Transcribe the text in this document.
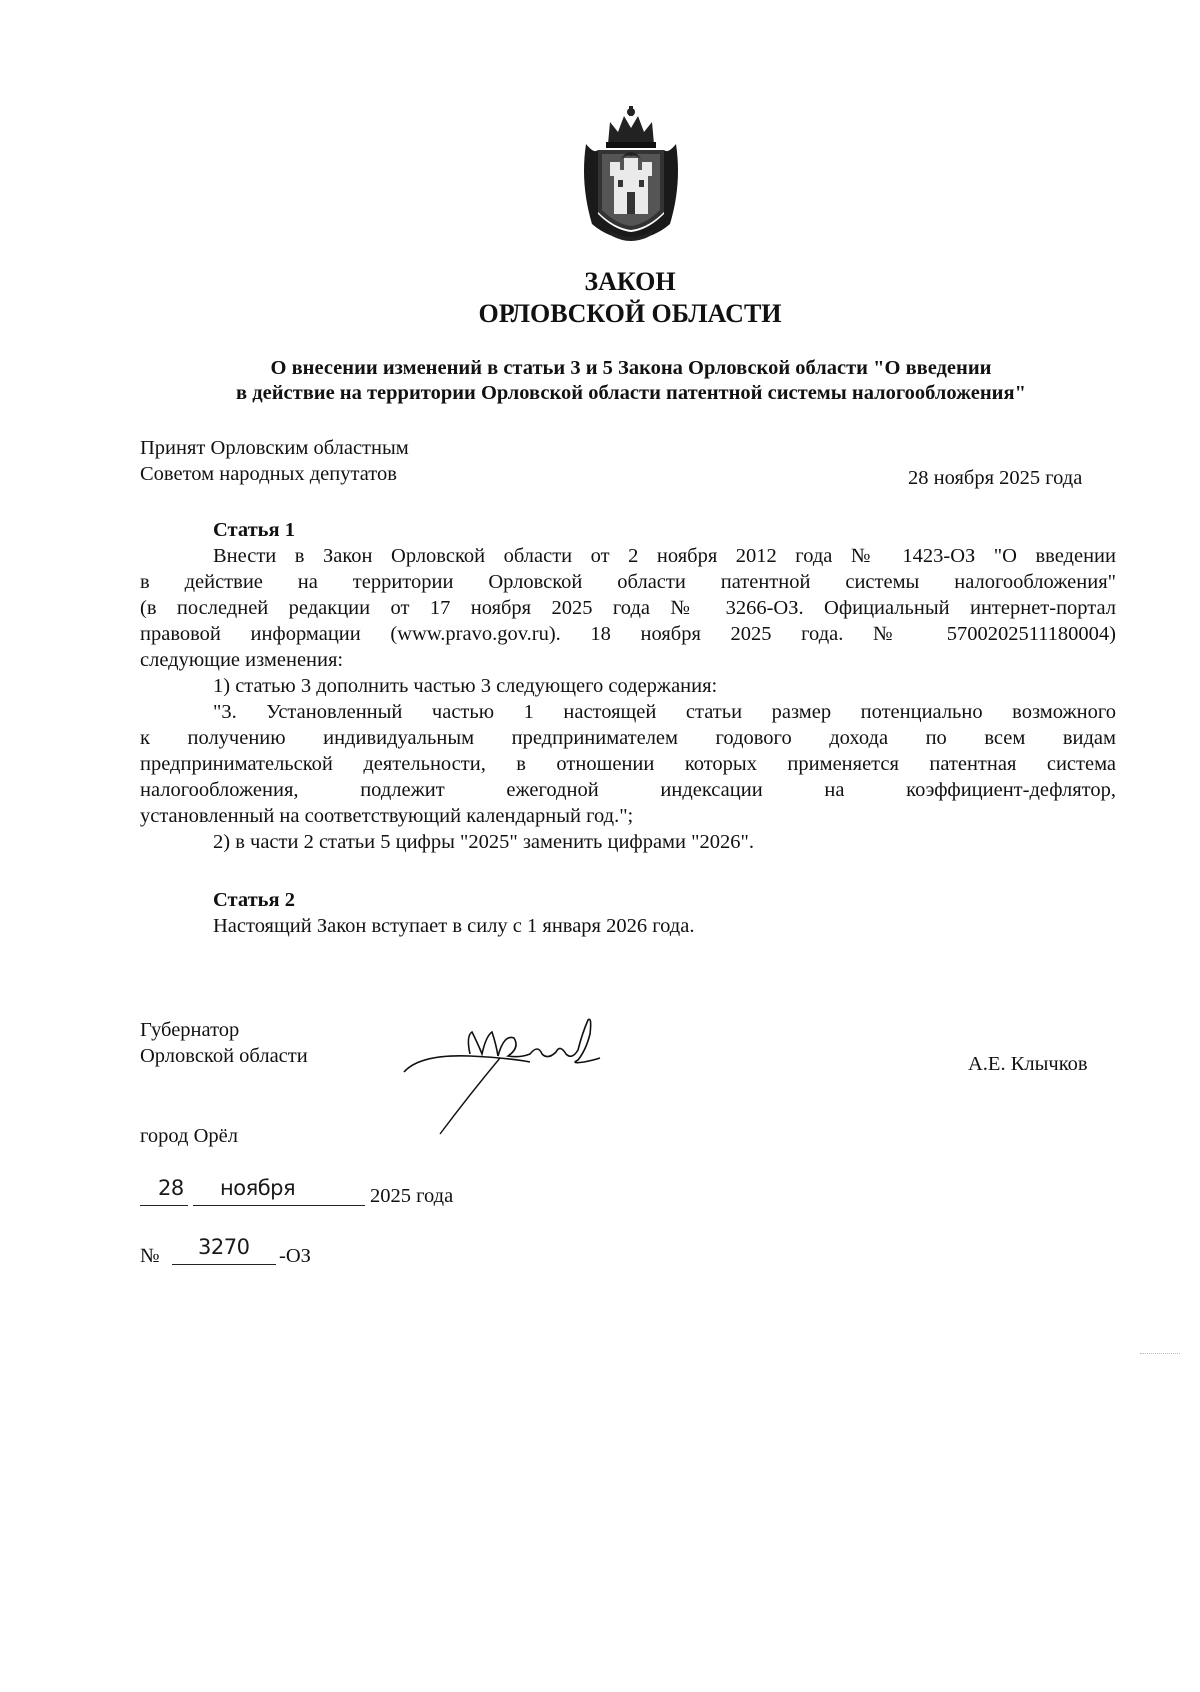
ЗАКОН
ОРЛОВСКОЙ ОБЛАСТИ
О внесении изменений в статьи 3 и 5 Закона Орловской области "О введении
в действие на территории Орловской области патентной системы налогообложения"
Принят Орловским областным
Советом народных депутатов	28 ноября 2025 года
Статья 1
Внести в Закон Орловской области от 2 ноября 2012 года № 1423-ОЗ "О введении
в действие на территории Орловской области патентной системы налогообложения"
(в последней редакции от 17 ноября 2025 года № 3266-ОЗ. Официальный интернет-портал
правовой информации (www.pravo.gov.ru). 18 ноября 2025 года. № 5700202511180004)
следующие изменения:
1) статью 3 дополнить частью 3 следующего содержания:
"3. Установленный частью 1 настоящей статьи размер потенциально возможного
к получению индивидуальным предпринимателем годового дохода по всем видам
предпринимательской деятельности, в отношении которых применяется патентная система
налогообложения, подлежит ежегодной индексации на коэффициент-дефлятор,
установленный на соответствующий календарный год.";
2) в части 2 статьи 5 цифры "2025" заменить цифрами "2026".
Статья 2
Настоящий Закон вступает в силу с 1 января 2026 года.
Губернатор
Орловской области	А.Е. Клычков
город Орёл
28 ноября	2025 года
№ 3270 -ОЗ
